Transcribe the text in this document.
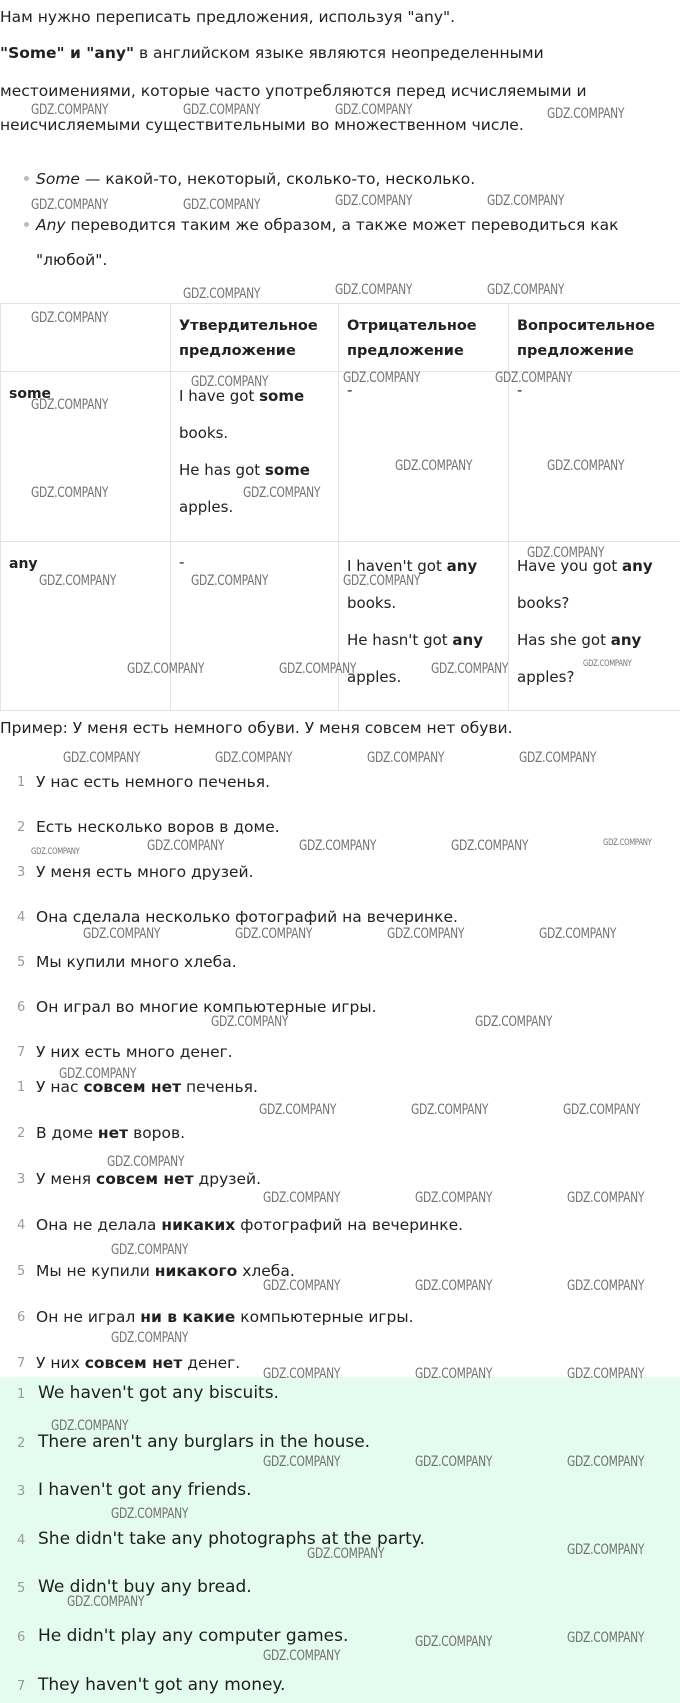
Нам нужно переписать предложения, используя "any".
"Some" и "any" в английском языке являются неопределенными
местоимениями, которые часто употребляются перед исчисляемыми и
неисчисляемыми существительными во множественном числе.
Some — какой-то, некоторый, сколько-то, несколько.
Any переводится таким же образом, а также может переводиться как
"любой".
	Утвердительное
предложение	Отрицательное
предложение	Вопросительное
предложение
some	I have got some
books.
He has got some
apples.	-	-
any	-	I haven't got any
books.
He hasn't got any
apples.	Have you got any
books?
Has she got any
apples?
Пример: У меня есть немного обуви. У меня совсем нет обуви.
1 У нас есть немного печенья.
2 Есть несколько воров в доме.
3 У меня есть много друзей.
4 Она сделала несколько фотографий на вечеринке.
5 Мы купили много хлеба.
6 Он играл во многие компьютерные игры.
7 У них есть много денег.
1 У нас совсем нет печенья.
2 В доме нет воров.
3 У меня совсем нет друзей.
4 Она не делала никаких фотографий на вечеринке.
5 Мы не купили никакого хлеба.
6 Он не играл ни в какие компьютерные игры.
7 У них совсем нет денег.
1 We haven't got any biscuits.
2 There aren't any burglars in the house.
3 I haven't got any friends.
4 She didn't take any photographs at the party.
5 We didn't buy any bread.
6 He didn't play any computer games.
7 They haven't got any money.
GDZ.COMPANY	GDZ.COMPANY	GDZ.COMPANY	GDZ.COMPANY
GDZ.COMPANY	GDZ.COMPANY	GDZ.COMPANY	GDZ.COMPANY
GDZ.COMPANY	GDZ.COMPANY	GDZ.COMPANY
GDZ.COMPANY
GDZ.COMPANY	GDZ.COMPANY	GDZ.COMPANY
GDZ.COMPANY
GDZ.COMPANY	GDZ.COMPANY
GDZ.COMPANY	GDZ.COMPANY
GDZ.COMPANY
GDZ.COMPANY	GDZ.COMPANY	GDZ.COMPANY
GDZ.COMPANY	GDZ.COMPANY	GDZ.COMPANY	GDZ.COMPANY
GDZ.COMPANY	GDZ.COMPANY	GDZ.COMPANY	GDZ.COMPANY
GDZ.COMPANY	GDZ.COMPANY	GDZ.COMPANY	GDZ.COMPANY	GDZ.COMPANY
GDZ.COMPANY	GDZ.COMPANY	GDZ.COMPANY	GDZ.COMPANY
GDZ.COMPANY	GDZ.COMPANY
GDZ.COMPANY
GDZ.COMPANY	GDZ.COMPANY	GDZ.COMPANY
GDZ.COMPANY
GDZ.COMPANY	GDZ.COMPANY	GDZ.COMPANY
GDZ.COMPANY
GDZ.COMPANY	GDZ.COMPANY	GDZ.COMPANY
GDZ.COMPANY
GDZ.COMPANY	GDZ.COMPANY	GDZ.COMPANY
GDZ.COMPANY
GDZ.COMPANY	GDZ.COMPANY	GDZ.COMPANY
GDZ.COMPANY
GDZ.COMPANY	GDZ.COMPANY
GDZ.COMPANY
GDZ.COMPANY	GDZ.COMPANY
GDZ.COMPANY
